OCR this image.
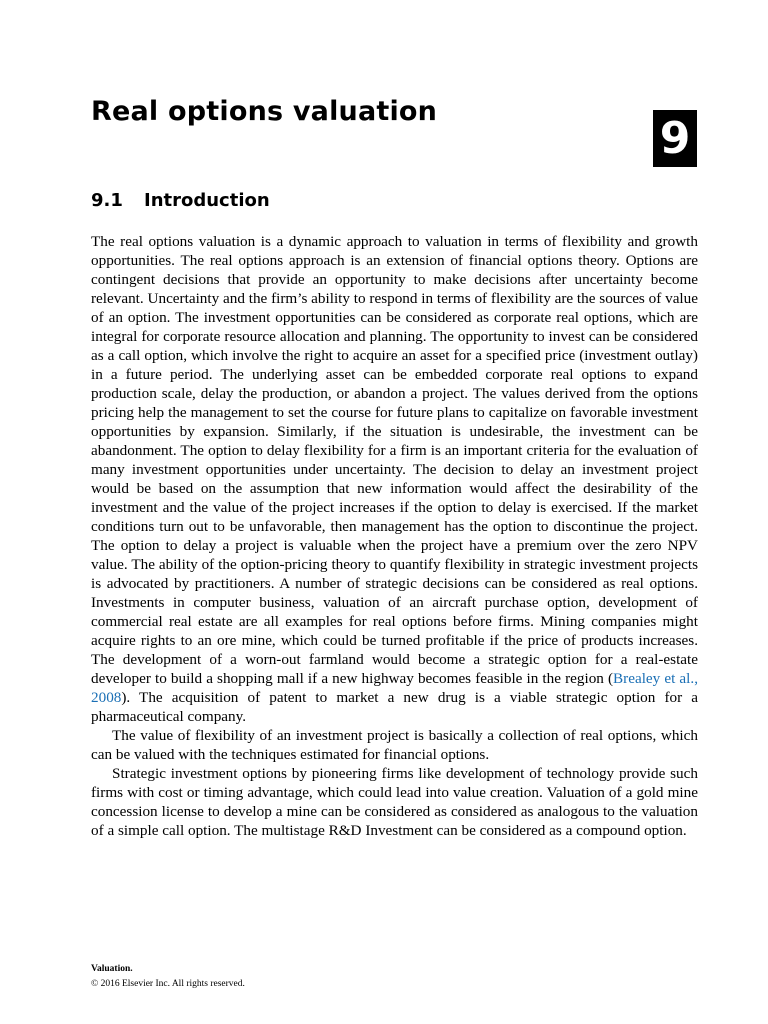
Real options valuation
9
9.1 Introduction

The real options valuation is a dynamic approach to valuation in terms of flexibility and growth opportunities. The real options approach is an extension of financial options theory. Options are contingent decisions that provide an opportunity to make decisions after uncertainty become relevant. Uncertainty and the firm’s ability to respond in terms of flexibility are the sources of value of an option. The investment opportunities can be considered as corporate real options, which are integral for corporate resource allocation and planning. The opportunity to invest can be considered as a call option, which involve the right to acquire an asset for a specified price (investment outlay) in a future period. The underlying asset can be embedded corporate real options to expand production scale, delay the production, or abandon a project. The values derived from the options pricing help the management to set the course for future plans to capitalize on favorable investment opportunities by expansion. Similarly, if the situation is undesirable, the investment can be abandonment. The option to delay flexibility for a firm is an important criteria for the evaluation of many investment opportunities under uncertainty. The decision to delay an investment project would be based on the assumption that new information would affect the desirability of the investment and the value of the project increases if the option to delay is exercised. If the market conditions turn out to be unfavorable, then management has the option to discontinue the project. The option to delay a project is valuable when the project have a premium over the zero NPV value. The ability of the option-pricing theory to quantify flexibility in strategic investment projects is advocated by practitioners. A number of strategic decisions can be considered as real options. Investments in computer business, valuation of an aircraft purchase option, development of commercial real estate are all examples for real options before firms. Mining companies might acquire rights to an ore mine, which could be turned profitable if the price of products increases. The development of a worn-out farmland would become a strategic option for a real-estate developer to build a shopping mall if a new highway becomes feasible in the region (Brealey et al., 2008). The acquisition of patent to market a new drug is a viable strategic option for a pharmaceutical company.

The value of flexibility of an investment project is basically a collection of real options, which can be valued with the techniques estimated for financial options.

Strategic investment options by pioneering firms like development of technology provide such firms with cost or timing advantage, which could lead into value creation. Valuation of a gold mine concession license to develop a mine can be considered as considered as analogous to the valuation of a simple call option. The multistage R&D Investment can be considered as a compound option.

Valuation.
© 2016 Elsevier Inc. All rights reserved.
